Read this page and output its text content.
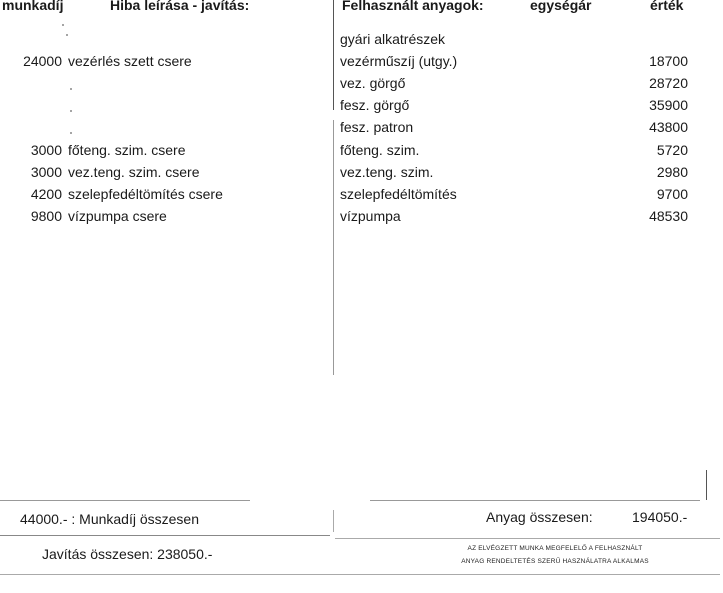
munkadíj	Hiba leírása - javítás:	Felhasznált anyagok:	egységár	érték
24000 vezérlés szett csere
3000 főteng. szim. csere
3000 vez.teng. szim. csere
4200 szelepfedéltömítés csere
9800 vízpumpa csere
gyári alkatrészek
vezérműszíj (utgy.)	18700
vez. görgő	28720
fesz. görgő	35900
fesz. patron	43800
főteng. szim.	5720
vez.teng. szim.	2980
szelepfedéltömítés	9700
vízpumpa	48530
44000.- : Munkadíj összesen	Anyag összesen:	194050.-
Javítás összesen: 238050.-	AZ ELVÉGZETT MUNKA MEGFELELŐ A FELHASZNÁLT
ANYAG RENDELTETÉS SZERŰ HASZNÁLATRA ALKALMAS
